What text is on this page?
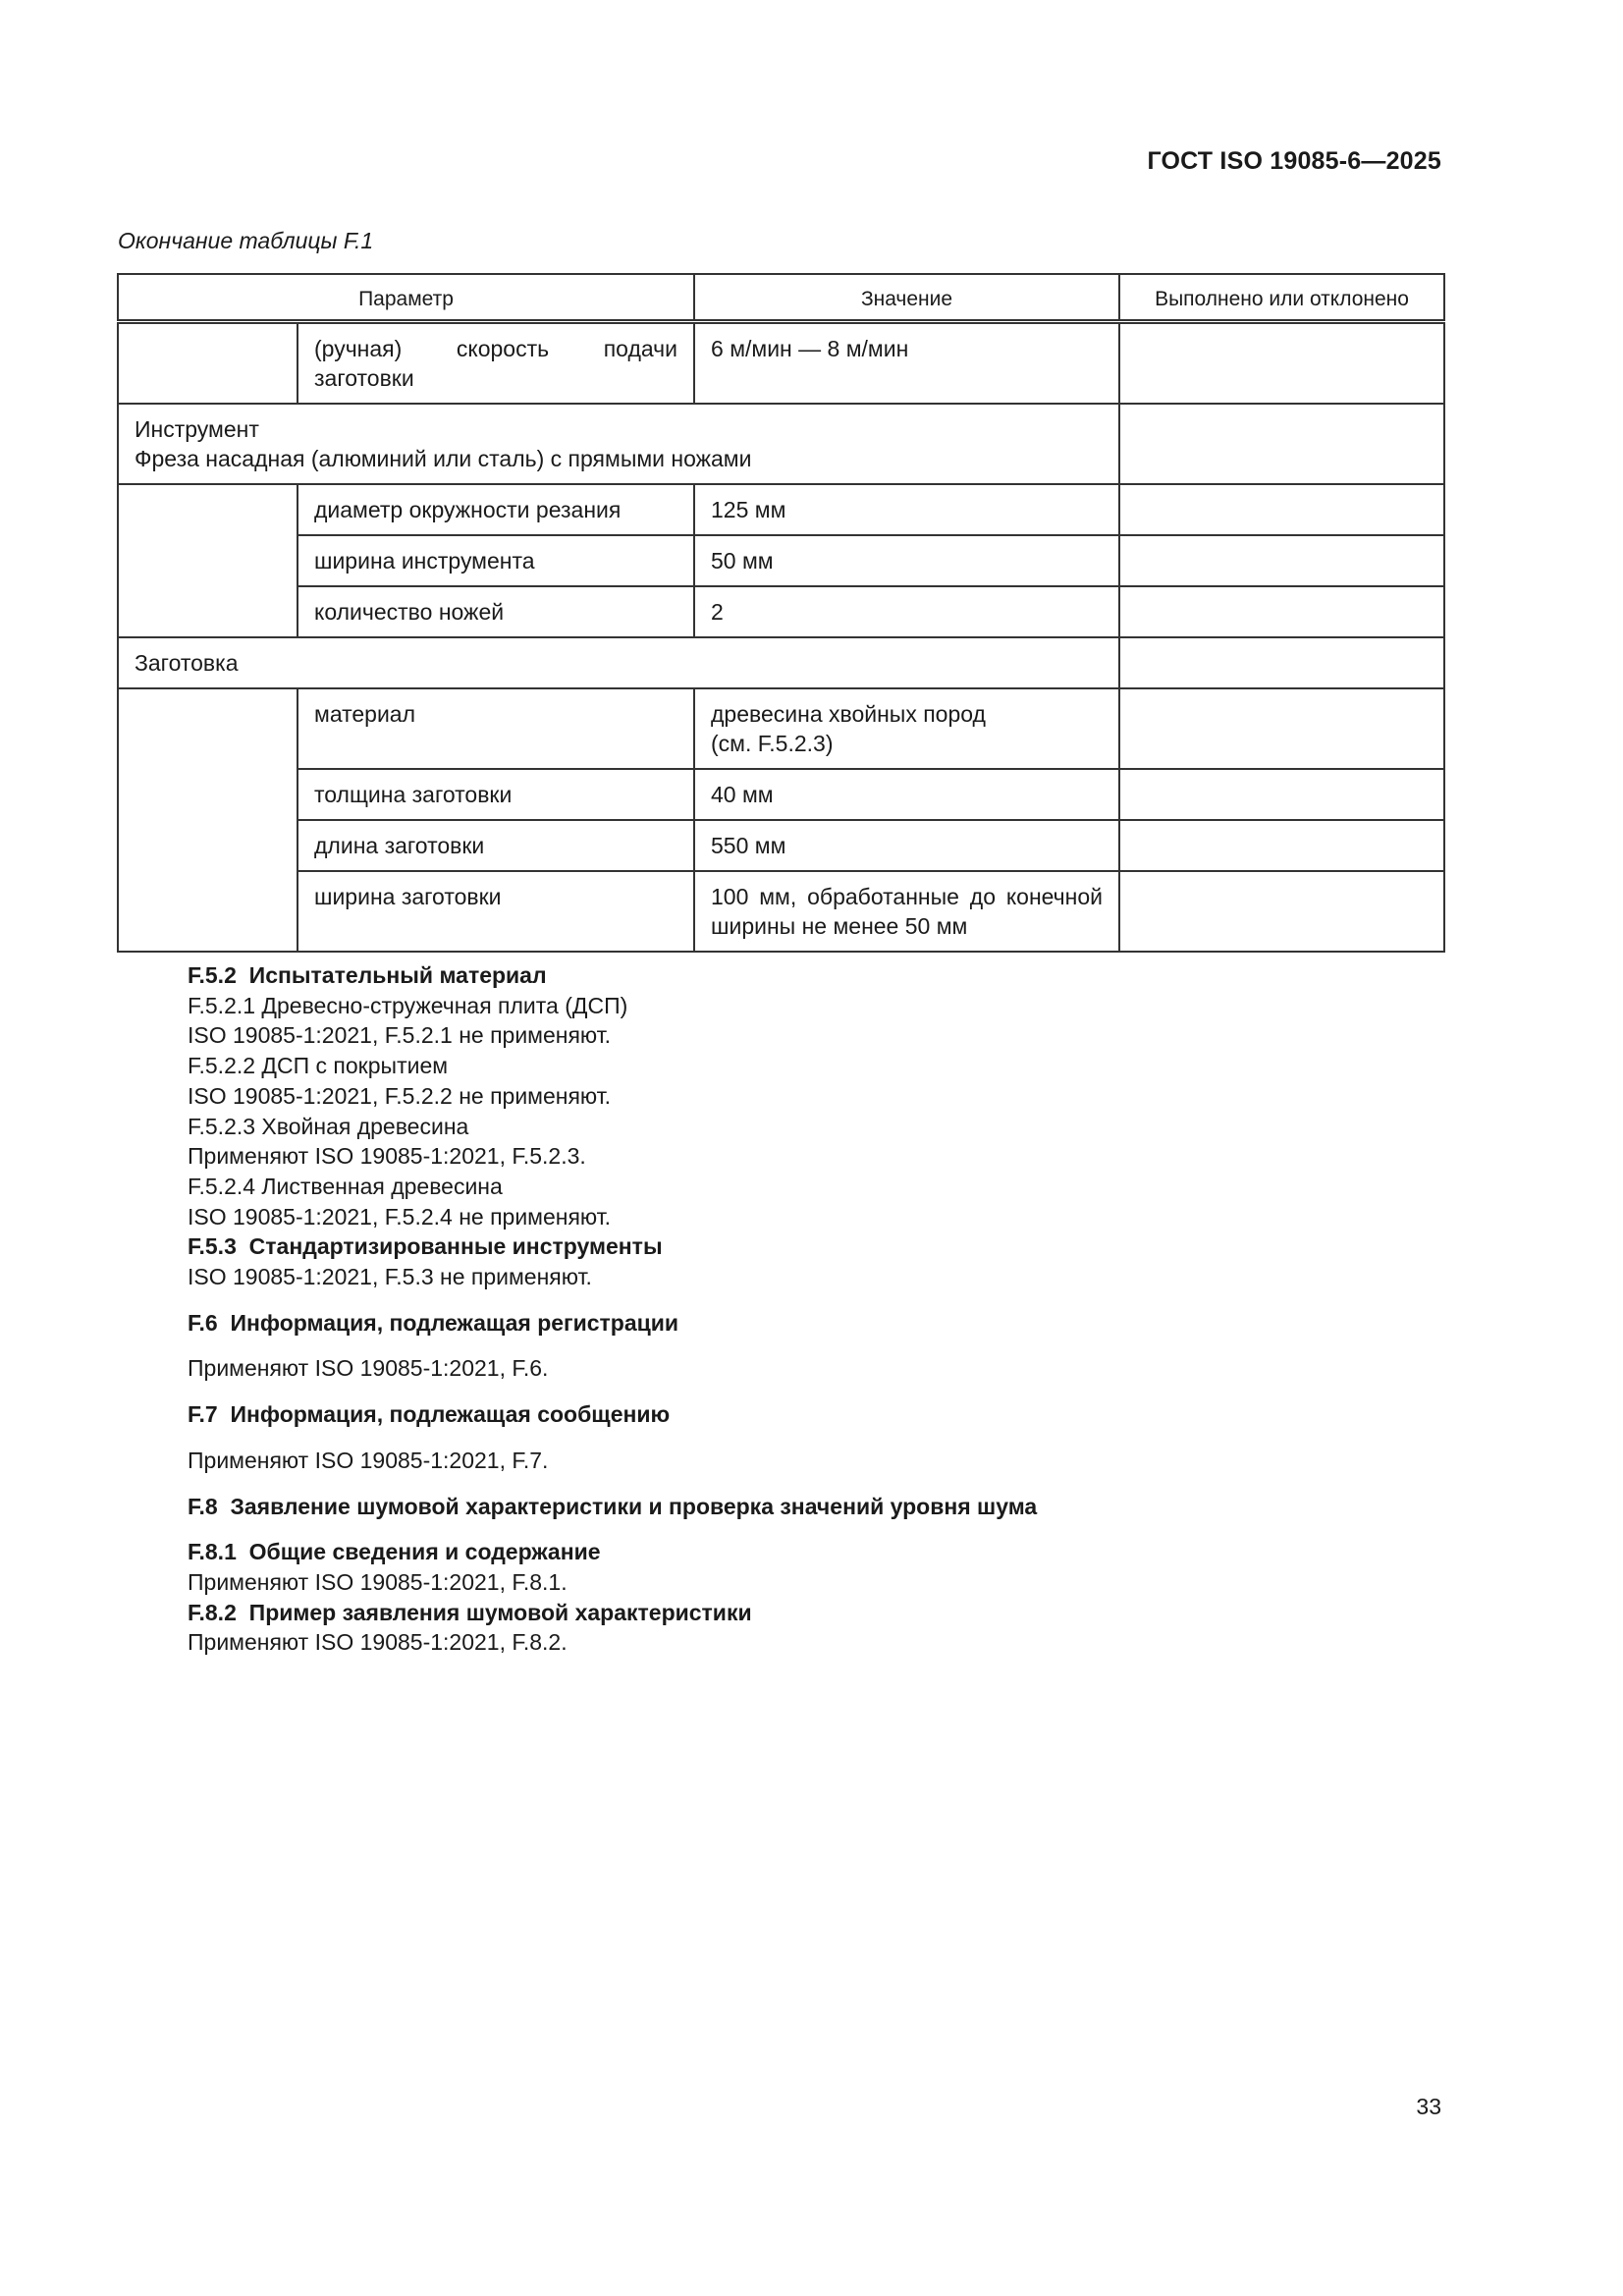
ГОСТ ISO 19085-6—2025
Окончание таблицы F.1
Параметр		Значение	Выполнено или отклонено
	(ручная) скорость подачи заготовки	6 м/мин — 8 м/мин	

Инструмент
Фреза насадная (алюминий или сталь) с прямыми ножами			

	диаметр окружности резания	125 мм	
	ширина инструмента	50 мм	
	количество ножей	2	
Заготовка			
	материал	древесина хвойных пород
(см. F.5.2.3)	

	толщина заготовки	40 мм	
	длина заготовки	550 мм	
	ширина заготовки	100 мм, обработанные до конечной ширины не менее 50 мм	

F.5.2 Испытательный материал

F.5.2.1 Древесно-стружечная плита (ДСП)

ISO 19085-1:2021, F.5.2.1 не применяют.

F.5.2.2 ДСП с покрытием

ISO 19085-1:2021, F.5.2.2 не применяют.

F.5.2.3 Хвойная древесина

Применяют ISO 19085-1:2021, F.5.2.3.

F.5.2.4 Лиственная древесина

ISO 19085-1:2021, F.5.2.4 не применяют.

F.5.3 Стандартизированные инструменты

ISO 19085-1:2021, F.5.3 не применяют.

F.6 Информация, подлежащая регистрации

Применяют ISO 19085-1:2021, F.6.

F.7 Информация, подлежащая сообщению

Применяют ISO 19085-1:2021, F.7.

F.8 Заявление шумовой характеристики и проверка значений уровня шума

F.8.1 Общие сведения и содержание

Применяют ISO 19085-1:2021, F.8.1.

F.8.2 Пример заявления шумовой характеристики

Применяют ISO 19085-1:2021, F.8.2.

33
